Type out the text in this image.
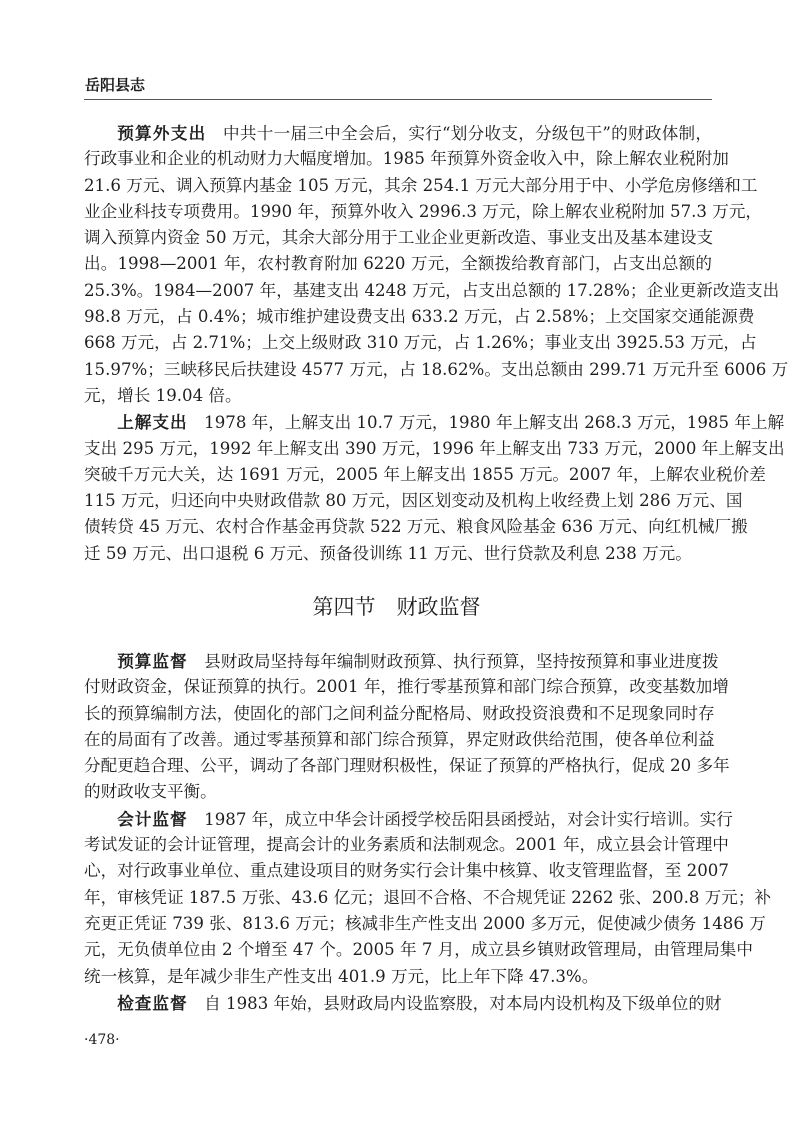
岳阳县志
预算外支出 中共十一届三中全会后，实行“划分收支，分级包干”的财政体制，
行政事业和企业的机动财力大幅度增加。1985 年预算外资金收入中，除上解农业税附加
21.6 万元、调入预算内基金 105 万元，其余 254.1 万元大部分用于中、小学危房修缮和工
业企业科技专项费用。1990 年，预算外收入 2996.3 万元，除上解农业税附加 57.3 万元，
调入预算内资金 50 万元，其余大部分用于工业企业更新改造、事业支出及基本建设支
出。1998—2001 年，农村教育附加 6220 万元，全额拨给教育部门，占支出总额的
25.3%。1984—2007 年，基建支出 4248 万元，占支出总额的 17.28%；企业更新改造支出
98.8 万元，占 0.4%；城市维护建设费支出 633.2 万元，占 2.58%；上交国家交通能源费
668 万元，占 2.71%；上交上级财政 310 万元，占 1.26%；事业支出 3925.53 万元，占
15.97%；三峡移民后扶建设 4577 万元，占 18.62%。支出总额由 299.71 万元升至 6006 万
元，增长 19.04 倍。
上解支出 1978 年，上解支出 10.7 万元，1980 年上解支出 268.3 万元，1985 年上解
支出 295 万元，1992 年上解支出 390 万元，1996 年上解支出 733 万元，2000 年上解支出
突破千万元大关，达 1691 万元，2005 年上解支出 1855 万元。2007 年，上解农业税价差
115 万元，归还向中央财政借款 80 万元，因区划变动及机构上收经费上划 286 万元、国
债转贷 45 万元、农村合作基金再贷款 522 万元、粮食风险基金 636 万元、向红机械厂搬
迁 59 万元、出口退税 6 万元、预备役训练 11 万元、世行贷款及利息 238 万元。
第四节 财政监督
预算监督 县财政局坚持每年编制财政预算、执行预算，坚持按预算和事业进度拨
付财政资金，保证预算的执行。2001 年，推行零基预算和部门综合预算，改变基数加增
长的预算编制方法，使固化的部门之间利益分配格局、财政投资浪费和不足现象同时存
在的局面有了改善。通过零基预算和部门综合预算，界定财政供给范围，使各单位利益
分配更趋合理、公平，调动了各部门理财积极性，保证了预算的严格执行，促成 20 多年
的财政收支平衡。
会计监督 1987 年，成立中华会计函授学校岳阳县函授站，对会计实行培训。实行
考试发证的会计证管理，提高会计的业务素质和法制观念。2001 年，成立县会计管理中
心，对行政事业单位、重点建设项目的财务实行会计集中核算、收支管理监督，至 2007
年，审核凭证 187.5 万张、43.6 亿元；退回不合格、不合规凭证 2262 张、200.8 万元；补
充更正凭证 739 张、813.6 万元；核减非生产性支出 2000 多万元，促使减少债务 1486 万
元，无负债单位由 2 个增至 47 个。2005 年 7 月，成立县乡镇财政管理局，由管理局集中
统一核算，是年减少非生产性支出 401.9 万元，比上年下降 47.3%。
检查监督 自 1983 年始，县财政局内设监察股，对本局内设机构及下级单位的财
·478·
